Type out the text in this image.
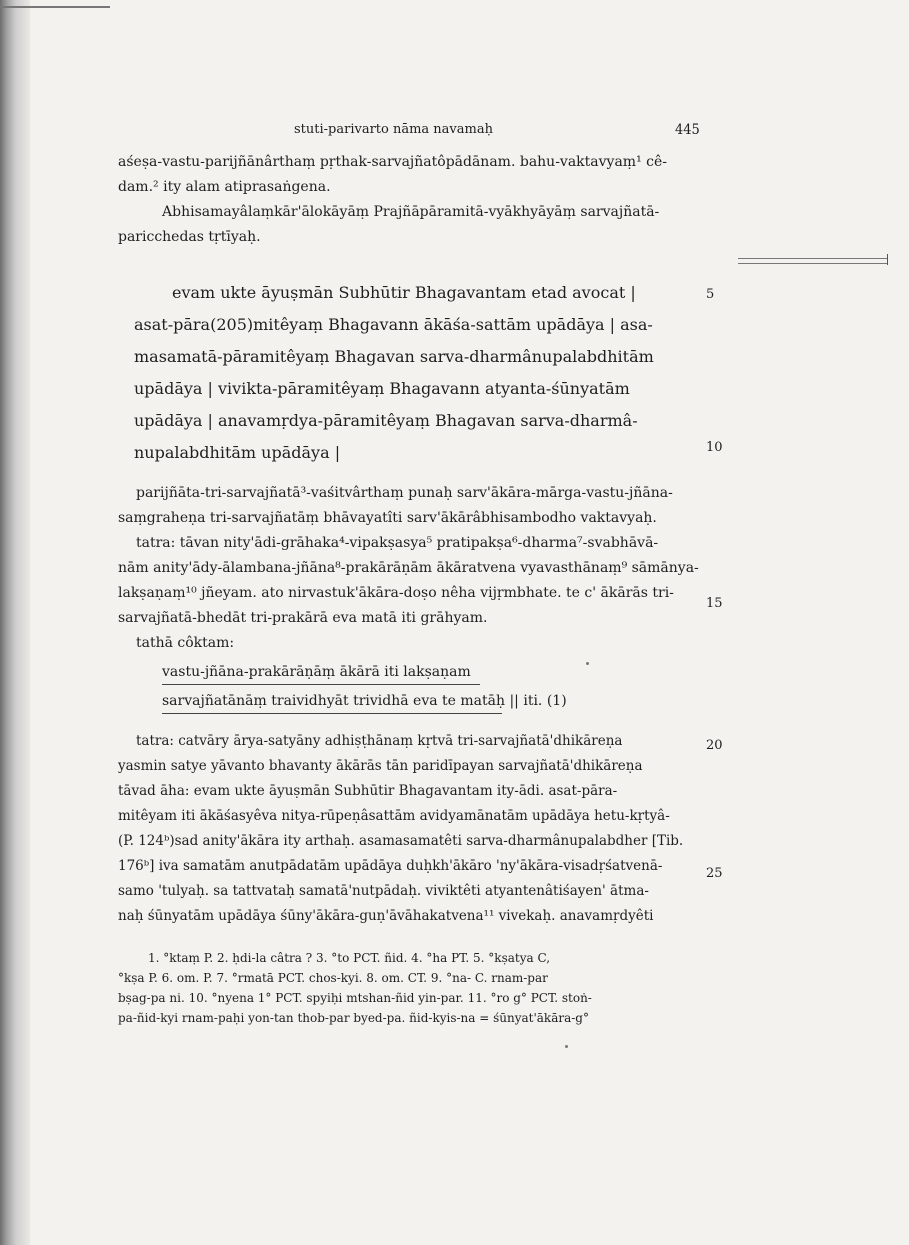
stuti-parivarto nāma navamaḥ	445
aśeṣa-vastu-parijñānârthaṃ pṛthak-sarvajñatôpādānam. bahu-vaktavyaṃ¹ cê-
dam.² ity alam atiprasaṅgena.
Abhisamayâlaṃkār'ālokāyāṃ Prajñāpāramitā-vyākhyāyāṃ sarvajñatā-
paricchedas tṛtīyaḥ.
evam ukte āyuṣmān Subhūtir Bhagavantam etad avocat |
asat-pāra(205)mitêyaṃ Bhagavann ākāśa-sattām upādāya | asa-
masamatā-pāramitêyaṃ Bhagavan sarva-dharmânupalabdhitām
upādāya | vivikta-pāramitêyaṃ Bhagavann atyanta-śūnyatām
upādāya | anavamṛdya-pāramitêyaṃ Bhagavan sarva-dharmâ-
nupalabdhitām upādāya |
5
10
parijñāta-tri-sarvajñatā³-vaśitvârthaṃ punaḥ sarv'ākāra-mārga-vastu-jñāna-
saṃgraheṇa tri-sarvajñatāṃ bhāvayatîti sarv'ākārâbhisambodho vaktavyaḥ.
tatra: tāvan nity'ādi-grāhaka⁴-vipakṣasya⁵ pratipakṣa⁶-dharma⁷-svabhāvā-
nām anity'ādy-ālambana-jñāna⁸-prakārāṇām ākāratvena vyavasthānaṃ⁹ sāmānya-
lakṣaṇaṃ¹⁰ jñeyam. ato nirvastuk'ākāra-doṣo nêha vijṛmbhate. te c' ākārās tri-
sarvajñatā-bhedāt tri-prakārā eva matā iti grāhyam.
tathā côktam:
15
vastu-jñāna-prakārāṇāṃ ākārā iti lakṣaṇam
sarvajñatānāṃ traividhyāt trividhā eva te matāḥ || iti. (1)
tatra: catvāry ārya-satyāny adhiṣṭhānaṃ kṛtvā tri-sarvajñatā'dhikāreṇa
yasmin satye yāvanto bhavanty ākārās tān paridīpayan sarvajñatā'dhikāreṇa
tāvad āha: evam ukte āyuṣmān Subhūtir Bhagavantam ity-ādi. asat-pāra-
mitêyam iti ākāśasyêva nitya-rūpeṇâsattām avidyamānatām upādāya hetu-kṛtyâ-
(P. 124ᵇ)sad anity'ākāra ity arthaḥ. asamasamatêti sarva-dharmânupalabdher [Tib.
176ᵇ] iva samatām anutpādatām upādāya duḥkh'ākāro 'ny'ākāra-visadṛśatvenā-
samo 'tulyaḥ. sa tattvataḥ samatā'nutpādaḥ. viviktêti atyantenâtiśayen' ātma-
naḥ śūnyatām upādāya śūny'ākāra-guṇ'āvāhakatvena¹¹ vivekaḥ. anavamṛdyêti
20
25
1. °ktaṃ P. 2. ḥdi-la câtra ? 3. °to PCT. ñid. 4. °ha PT. 5. °kṣatya C,
°kṣa P. 6. om. P. 7. °rmatā PCT. chos-kyi. 8. om. CT. 9. °na- C. rnam-par
bṣag-pa ni. 10. °nyena 1° PCT. spyiḥi mtshan-ñid yin-par. 11. °ro g° PCT. stoṅ-
pa-ñid-kyi rnam-paḥi yon-tan thob-par byed-pa. ñid-kyis-na = śūnyat'ākāra-g°
